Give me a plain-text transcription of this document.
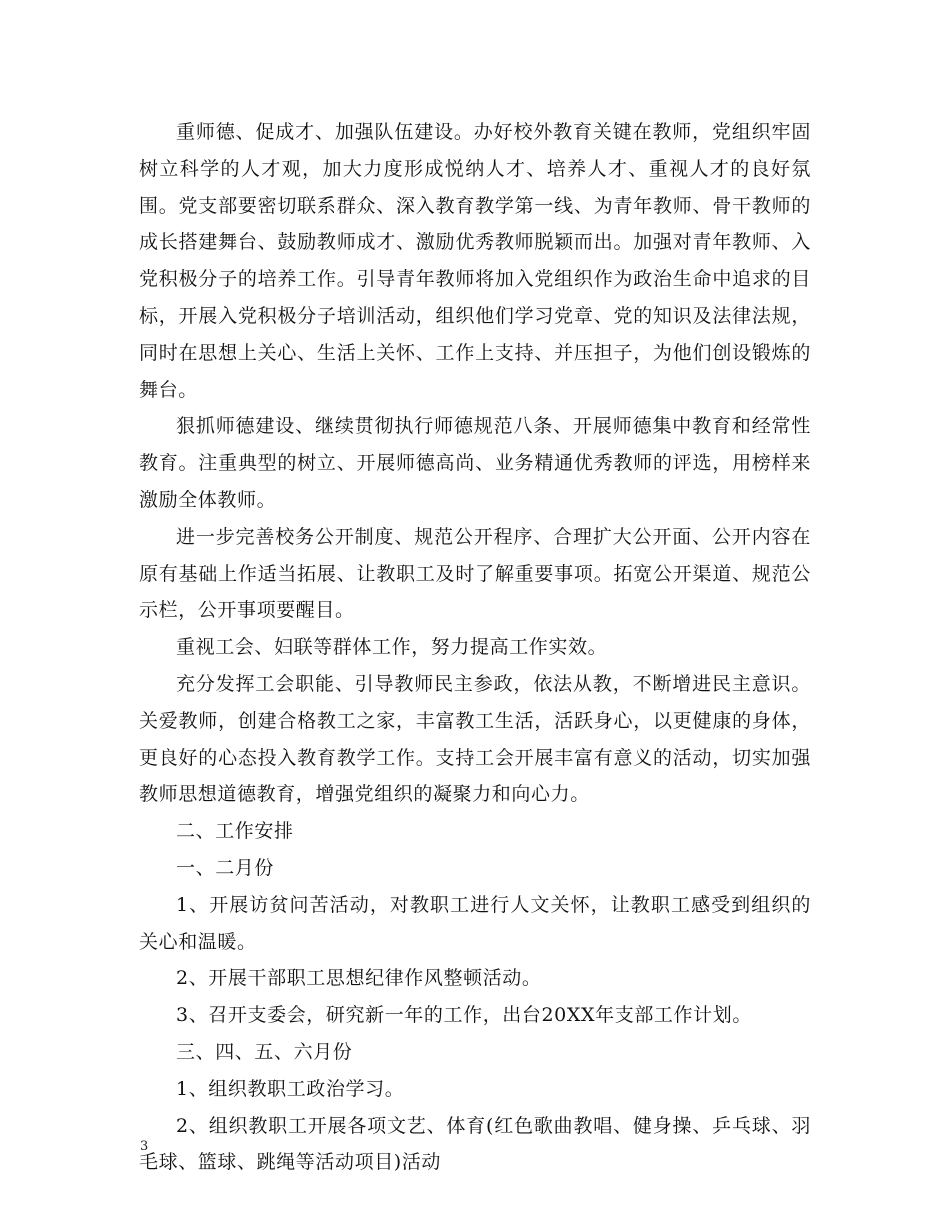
重师德、促成才、加强队伍建设。办好校外教育关键在教师，党组织牢固树立科学的人才观，加大力度形成悦纳人才、培养人才、重视人才的良好氛围。党支部要密切联系群众、深入教育教学第一线、为青年教师、骨干教师的成长搭建舞台、鼓励教师成才、激励优秀教师脱颖而出。加强对青年教师、入党积极分子的培养工作。引导青年教师将加入党组织作为政治生命中追求的目标，开展入党积极分子培训活动，组织他们学习党章、党的知识及法律法规，同时在思想上关心、生活上关怀、工作上支持、并压担子，为他们创设锻炼的舞台。

狠抓师德建设、继续贯彻执行师德规范八条、开展师德集中教育和经常性教育。注重典型的树立、开展师德高尚、业务精通优秀教师的评选，用榜样来激励全体教师。

进一步完善校务公开制度、规范公开程序、合理扩大公开面、公开内容在原有基础上作适当拓展、让教职工及时了解重要事项。拓宽公开渠道、规范公示栏，公开事项要醒目。

重视工会、妇联等群体工作，努力提高工作实效。

充分发挥工会职能、引导教师民主参政，依法从教，不断增进民主意识。关爱教师，创建合格教工之家，丰富教工生活，活跃身心，以更健康的身体，更良好的心态投入教育教学工作。支持工会开展丰富有意义的活动，切实加强教师思想道德教育，增强党组织的凝聚力和向心力。

二、工作安排

一、二月份

1、开展访贫问苦活动，对教职工进行人文关怀，让教职工感受到组织的关心和温暖。

2、开展干部职工思想纪律作风整顿活动。

3、召开支委会，研究新一年的工作，出台20XX年支部工作计划。

三、四、五、六月份

1、组织教职工政治学习。

2、组织教职工开展各项文艺、体育(红色歌曲教唱、健身操、乒乓球、羽毛球、篮球、跳绳等活动项目)活动

3
